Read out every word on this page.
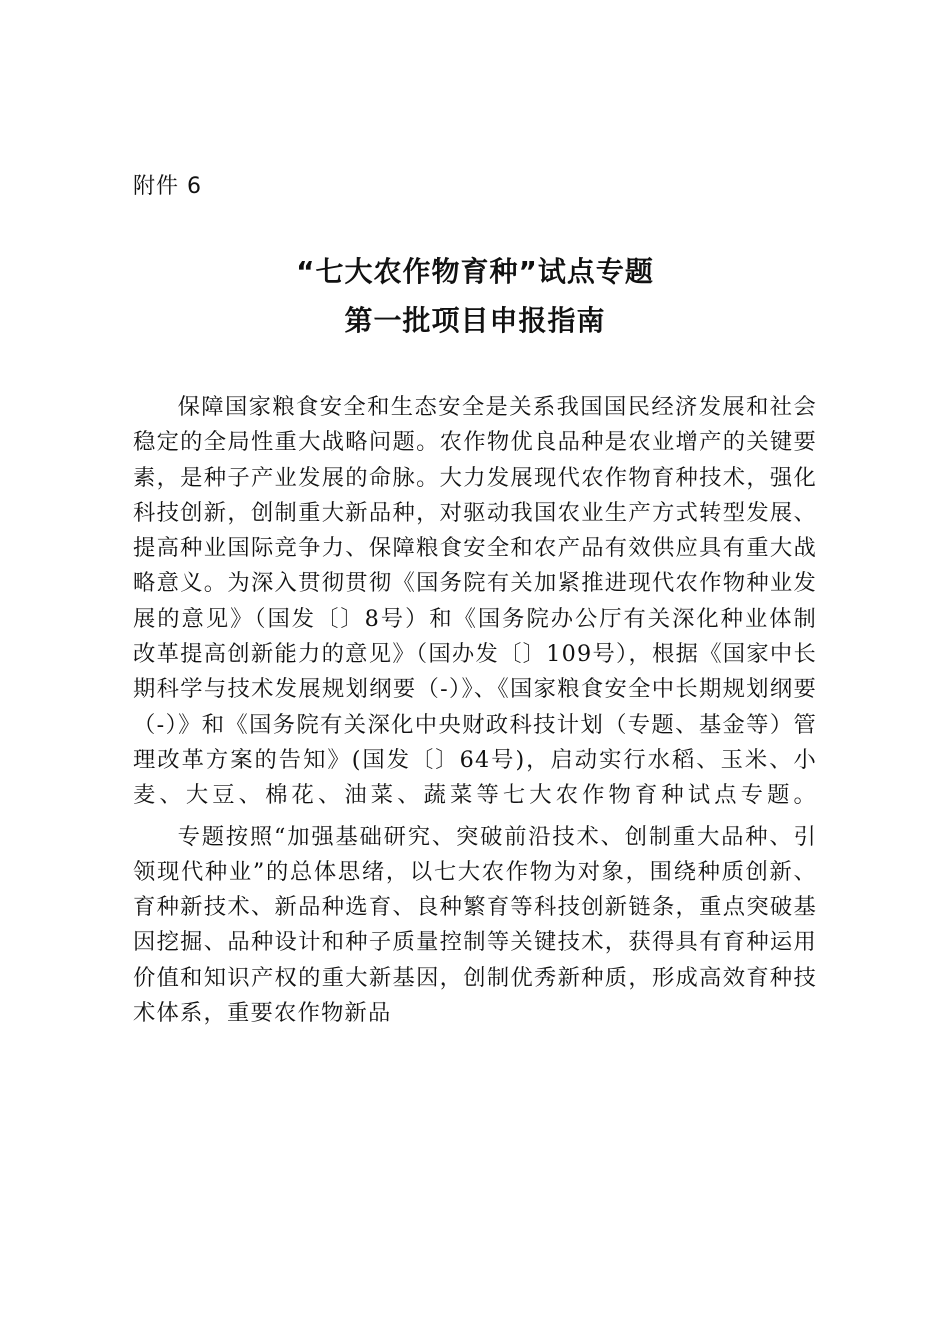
附件 6
“七大农作物育种”试点专题
第一批项目申报指南

保障国家粮食安全和生态安全是关系我国国民经济发展和社会稳定的全局性重大战略问题。农作物优良品种是农业增产的关键要素，是种子产业发展的命脉。大力发展现代农作物育种技术，强化科技创新，创制重大新品种，对驱动我国农业生产方式转型发展、提高种业国际竞争力、保障粮食安全和农产品有效供应具有重大战略意义。为深入贯彻贯彻《国务院有关加紧推进现代农作物种业发展的意见》（国发〔〕8号）和《国务院办公厅有关深化种业体制改革提高创新能力的意见》（国办发〔〕109号），根据《国家中长期科学与技术发展规划纲要（-）》、《国家粮食安全中长期规划纲要（-）》和《国务院有关深化中央财政科技计划（专题、基金等）管理改革方案的告知》(国发〔〕64号)，启动实行水稻、玉米、小麦、大豆、棉花、油菜、蔬菜等七大农作物育种试点专题。

专题按照“加强基础研究、突破前沿技术、创制重大品种、引领现代种业”的总体思绪，以七大农作物为对象，围绕种质创新、育种新技术、新品种选育、良种繁育等科技创新链条，重点突破基因挖掘、品种设计和种子质量控制等关键技术，获得具有育种运用价值和知识产权的重大新基因，创制优秀新种质，形成高效育种技术体系，重要农作物新品
